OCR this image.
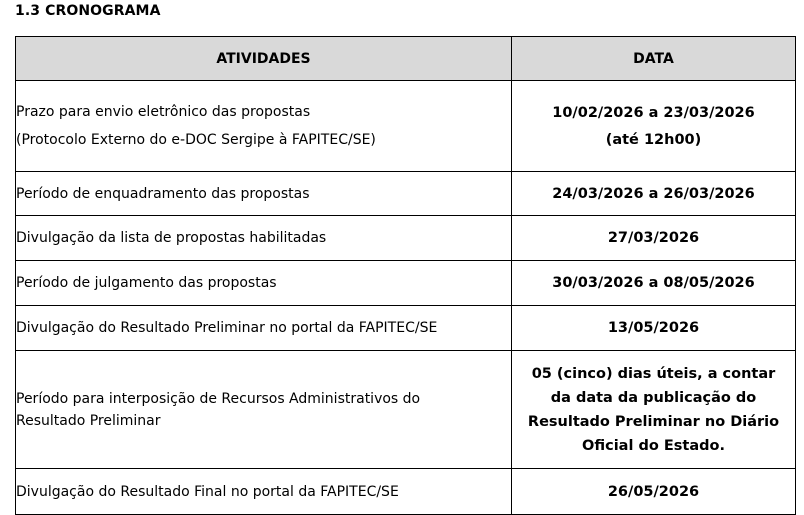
1.3 CRONOGRAMA
ATIVIDADES	DATA

Prazo para envio eletrônico das propostas
(Protocolo Externo do e-DOC Sergipe à FAPITEC/SE)	10/02/2026 a 23/03/2026
(até 12h00)

Período de enquadramento das propostas	24/03/2026 a 26/03/2026

Divulgação da lista de propostas habilitadas	27/03/2026

Período de julgamento das propostas	30/03/2026 a 08/05/2026

Divulgação do Resultado Preliminar no portal da FAPITEC/SE	13/05/2026

Período para interposição de Recursos Administrativos do
Resultado Preliminar	05 (cinco) dias úteis, a contar
da data da publicação do
Resultado Preliminar no Diário
Oficial do Estado.

Divulgação do Resultado Final no portal da FAPITEC/SE	26/05/2026
